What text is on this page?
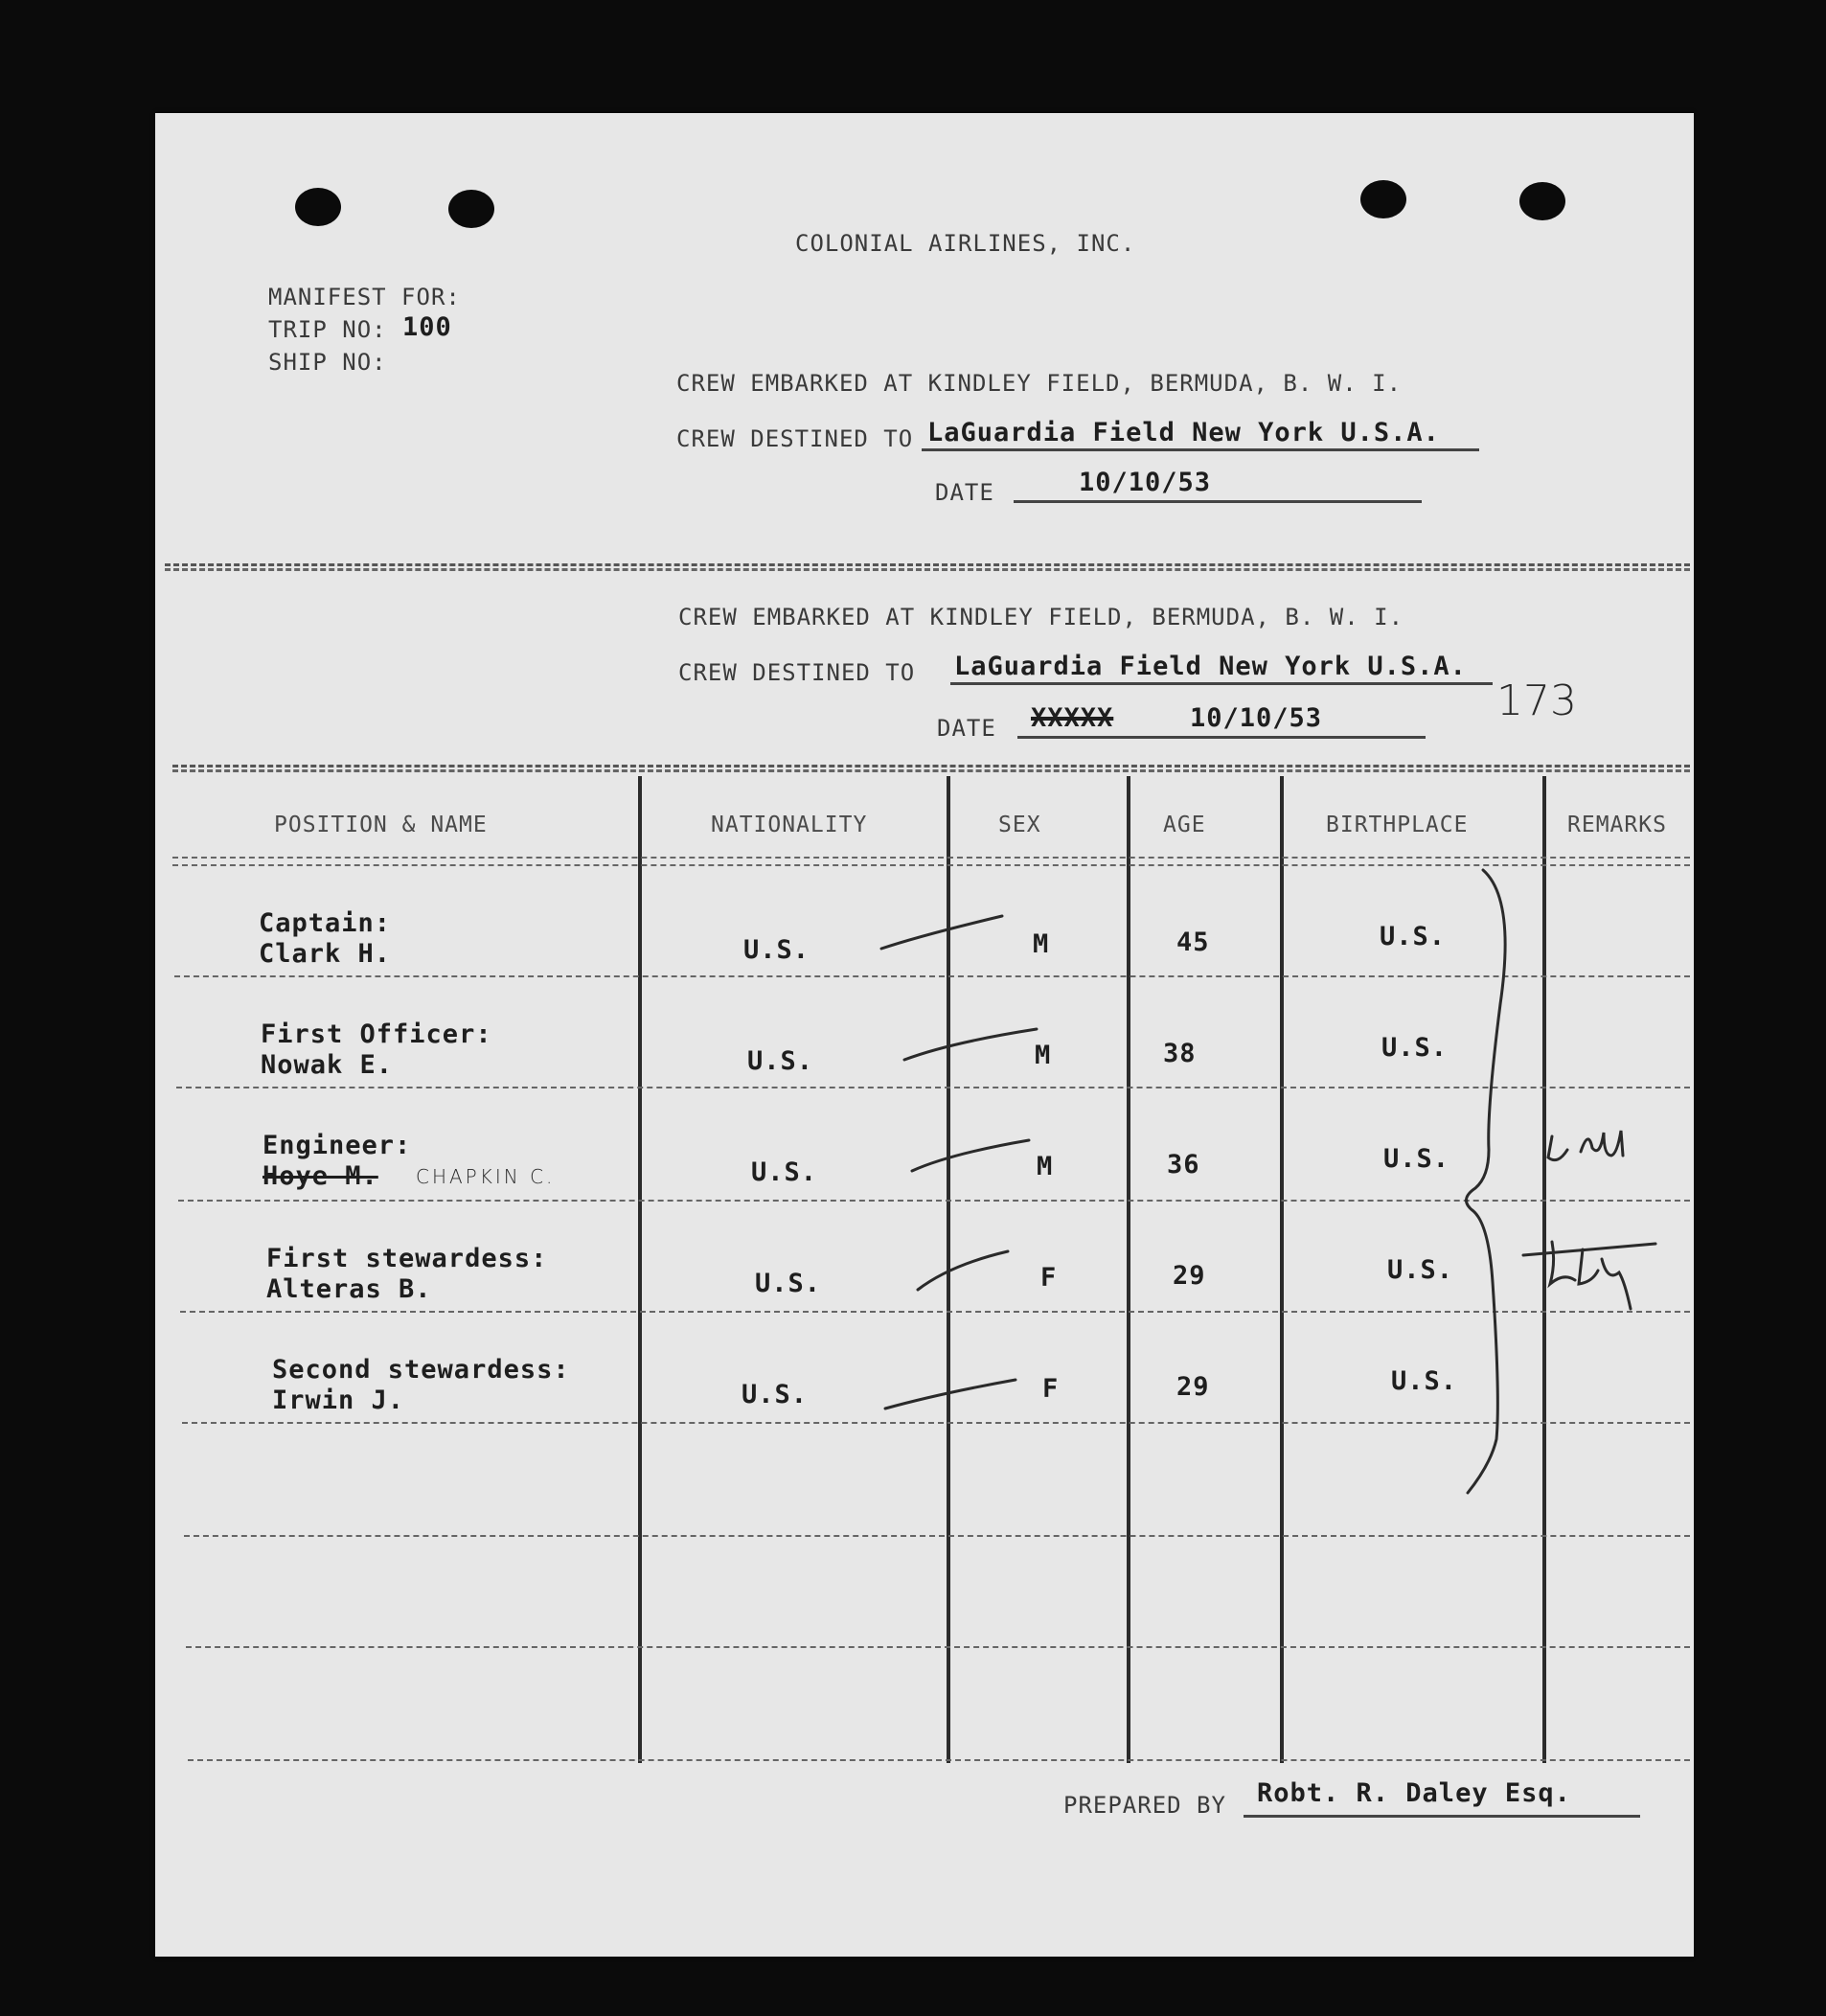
COLONIAL AIRLINES, INC.
MANIFEST FOR:
TRIP NO: 100
SHIP NO:
CREW EMBARKED AT KINDLEY FIELD, BERMUDA, B. W. I.
CREW DESTINED TO LaGuardia Field New York U.S.A.
DATE	10/10/53
CREW EMBARKED AT KINDLEY FIELD, BERMUDA, B. W. I.
CREW DESTINED TO LaGuardia Field New York U.S.A.
DATE XXXXX	10/10/53	173
POSITION & NAME	NATIONALITY	SEX	AGE	BIRTHPLACE	REMARKS
Captain:
Clark H.	U.S.	M	45	U.S.
First Officer:
Nowak E.	U.S.	M	38	U.S.
Engineer:
Hoye M. CHAPKIN C.	U.S.	M	36	U.S.
First stewardess:
Alteras B.	U.S.	F	29	U.S.
Second stewardess:
Irwin J.	U.S.	F	29	U.S.
PREPARED BY Robt. R. Daley Esq.
